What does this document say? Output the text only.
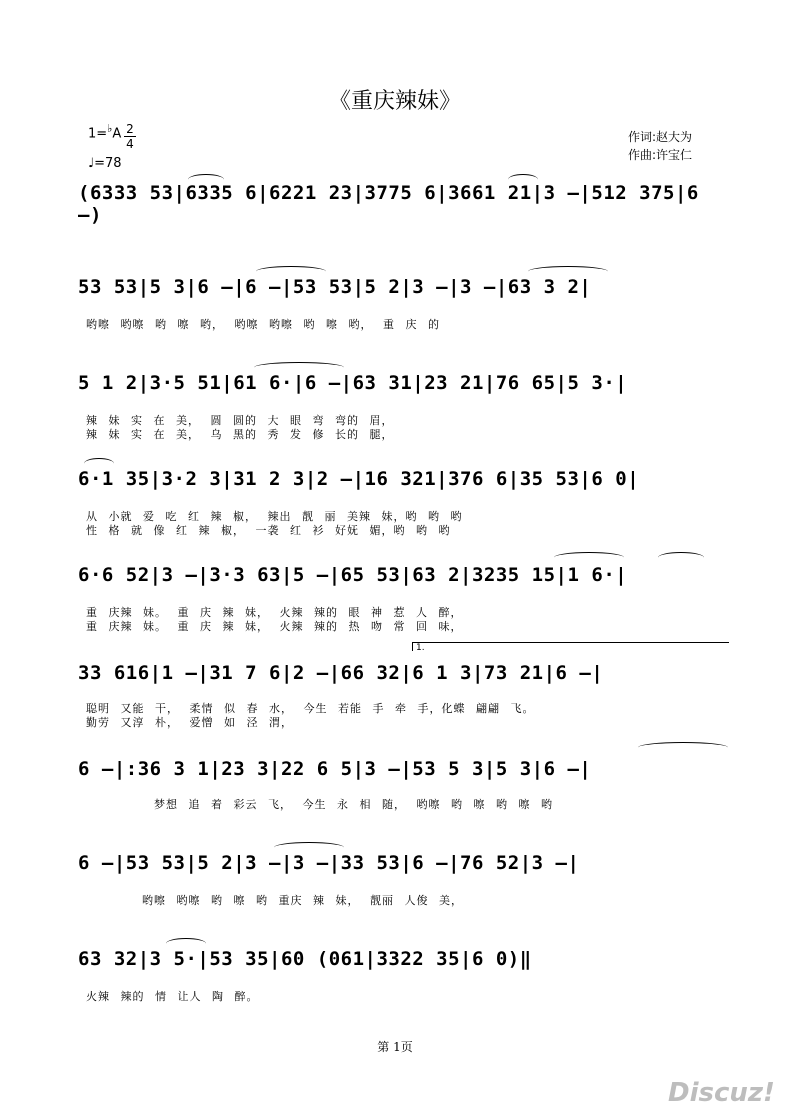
《重庆辣妹》
$1=^♭A \frac{2}{4}$
♩=78
作词:赵大为
作曲:许宝仁
(6333 53|6335 6|6221 23|3775 6|3661 21|3 –|512 375|6 –)
53 53|5 3|6 –|6 –|53 53|5 2|3 –|3 –|63 3 2|
哟嚓 哟嚓 哟 嚓 哟， 哟嚓 哟嚓 哟 嚓 哟， 重 庆 的
5 1 2|3·5 51|61 6·|6 –|63 31|23 21|76 65|5 3·|
辣 妹 实 在 美， 圆 圆的 大 眼 弯 弯的 眉，
辣 妹 实 在 美， 乌 黑的 秀 发 修 长的 腿，
6·1 35|3·2 3|31 2 3|2 –|16 321|376 6|35 53|6 0|
从 小就 爱 吃 红 辣 椒， 辣出 靓 丽 美辣 妹，哟 哟 哟
性 格 就 像 红 辣 椒， 一袭 红 衫 好妩 媚，哟 哟 哟
6·6 52|3 –|3·3 63|5 –|65 53|63 2|3235 15|1 6·|
重 庆辣 妹。 重 庆 辣 妹， 火辣 辣的 眼 神 惹 人 醉，
重 庆辣 妹。 重 庆 辣 妹， 火辣 辣的 热 吻 常 回 味，
1.
33 616|1 –|31 7 6|2 –|66 32|6 1 3|73 21|6 –|
聪明 又能 干， 柔情 似 春 水， 今生 若能 手 牵 手，化蝶 翩翩 飞。
勤劳 又淳 朴， 爱憎 如 泾 渭，
6 –|:36 3 1|23 3|22 6 5|3 –|53 5 3|5 3|6 –|
梦想 追 着 彩云 飞， 今生 永 相 随， 哟嚓 哟 嚓 哟 嚓 哟
6 –|53 53|5 2|3 –|3 –|33 53|6 –|76 52|3 –|
哟嚓 哟嚓 哟 嚓 哟 重庆 辣 妹， 靓丽 人俊 美，
63 32|3 5·|53 35|60 (061|3322 35|6 0)‖
火辣 辣的 情 让人 陶 醉。
第 1页
Discuz!
